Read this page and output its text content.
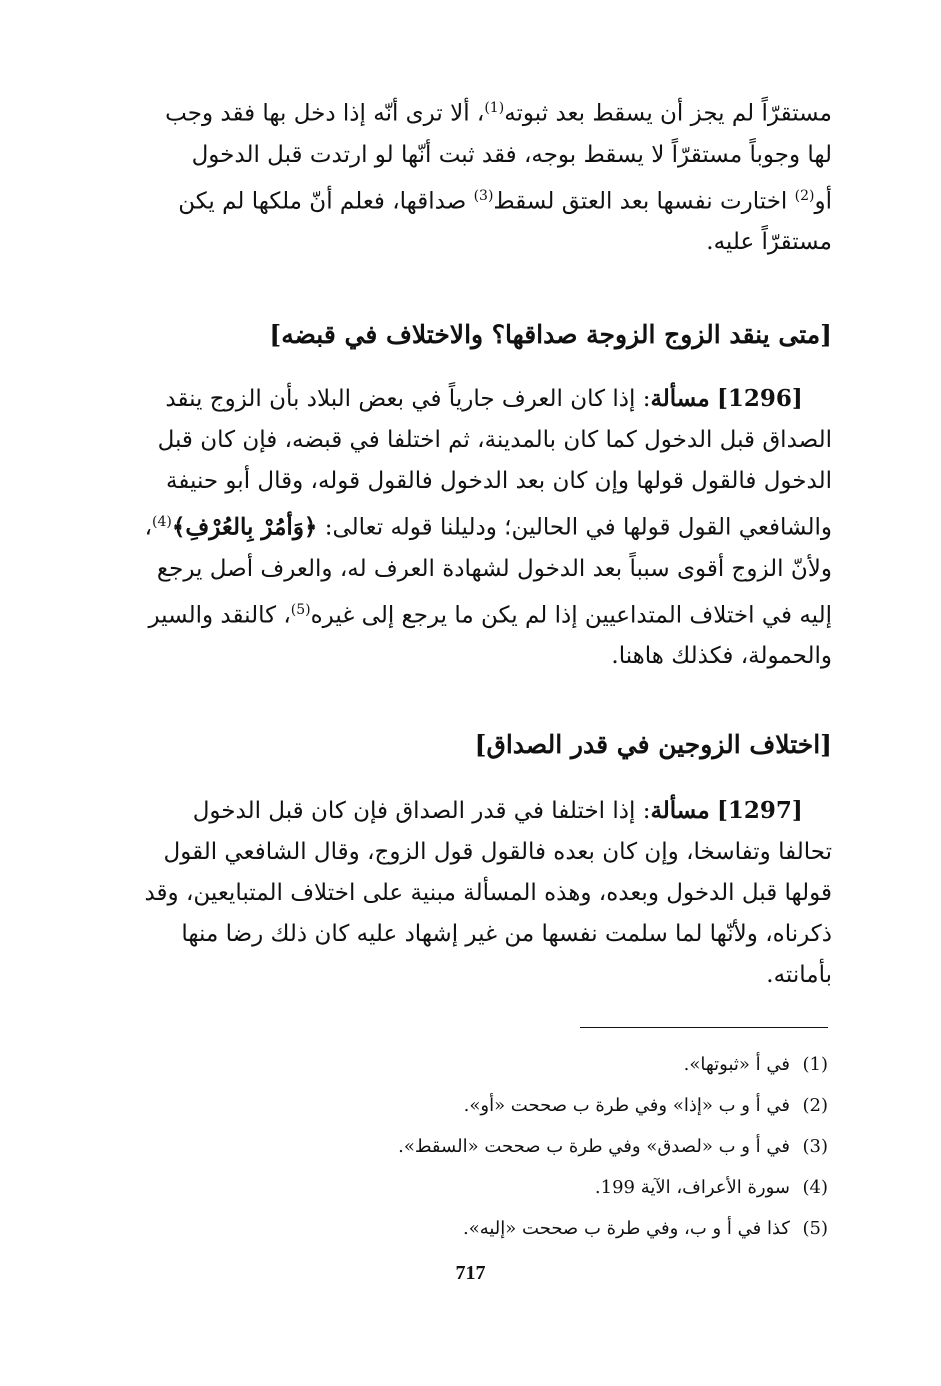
مستقرّاً لم يجز أن يسقط بعد ثبوته$^{(1)}$، ألا ترى أنّه إذا دخل بها فقد وجب

لها وجوباً مستقرّاً لا يسقط بوجه، فقد ثبت أنّها لو ارتدت قبل الدخول

أو$^{(2)}$ اختارت نفسها بعد العتق لسقط$^{(3)}$ صداقها، فعلم أنّ ملكها لم يكن

مستقرّاً عليه.

[متى ينقد الزوج الزوجة صداقها؟ والاختلاف في قبضه]

[1296] مسألة: إذا كان العرف جارياً في بعض البلاد بأن الزوج ينقد

الصداق قبل الدخول كما كان بالمدينة، ثم اختلفا في قبضه، فإن كان قبل

الدخول فالقول قولها وإن كان بعد الدخول فالقول قوله، وقال أبو حنيفة

والشافعي القول قولها في الحالين؛ ودليلنا قوله تعالى: ﴿وَأمُرْ بِالعُرْفِ﴾$^{(4)}$،

ولأنّ الزوج أقوى سبباً بعد الدخول لشهادة العرف له، والعرف أصل يرجع

إليه في اختلاف المتداعيين إذا لم يكن ما يرجع إلى غيره$^{(5)}$، كالنقد والسير

والحمولة، فكذلك هاهنا.

[اختلاف الزوجين في قدر الصداق]

[1297] مسألة: إذا اختلفا في قدر الصداق فإن كان قبل الدخول

تحالفا وتفاسخا، وإن كان بعده فالقول قول الزوج، وقال الشافعي القول

قولها قبل الدخول وبعده، وهذه المسألة مبنية على اختلاف المتبايعين، وقد

ذكرناه، ولأنّها لما سلمت نفسها من غير إشهاد عليه كان ذلك رضا منها

بأمانته.

(1)في أ «ثبوتها».
(2)في أ و ب «إذا» وفي طرة ب صححت «أو».
(3)في أ و ب «لصدق» وفي طرة ب صححت «السقط».
(4)سورة الأعراف، الآية 199.
(5)كذا في أ و ب، وفي طرة ب صححت «إليه».
717
